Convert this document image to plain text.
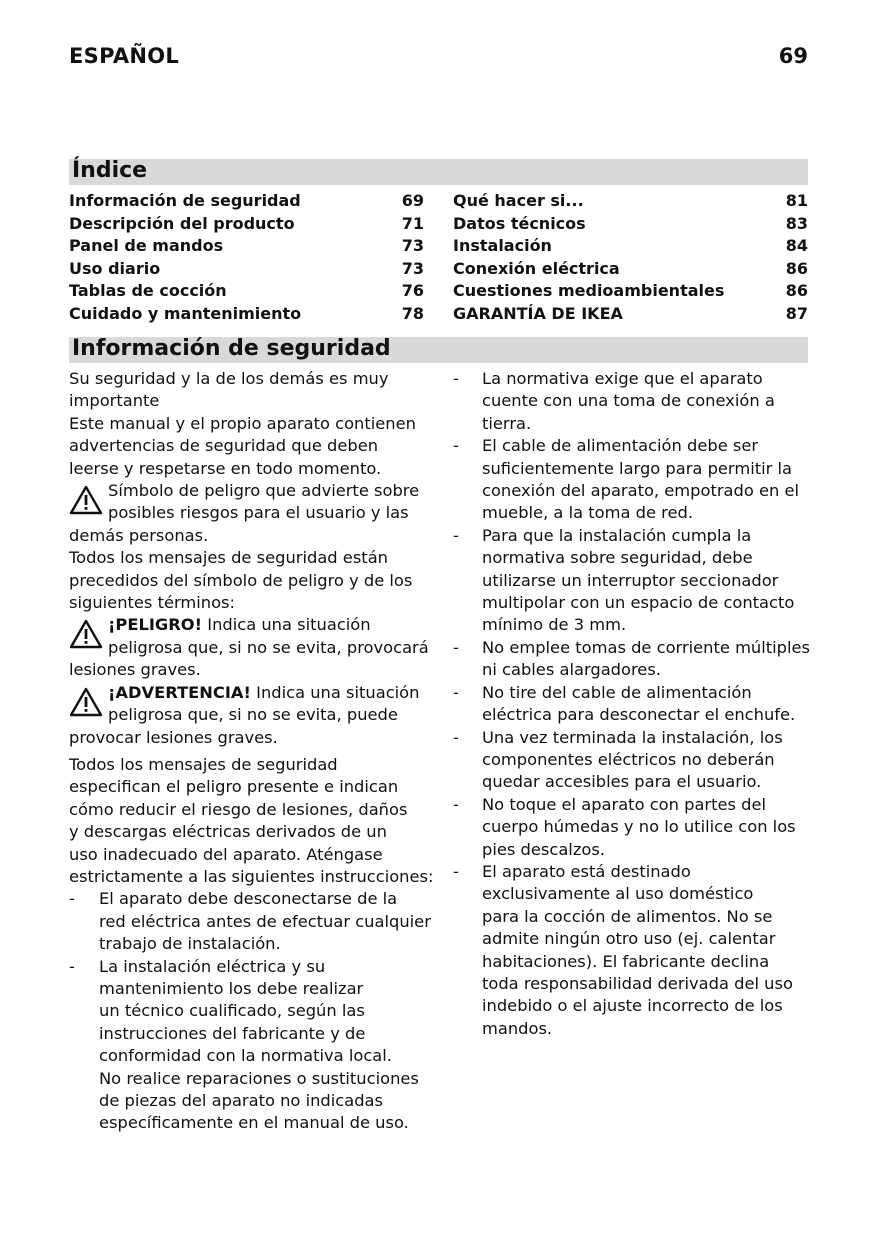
ESPAÑOL	69
Índice
Información de seguridad	69
Descripción del producto	71
Panel de mandos	73
Uso diario	73
Tablas de cocción	76
Cuidado y mantenimiento	78
Qué hacer si...	81
Datos técnicos	83
Instalación	84
Conexión eléctrica	86
Cuestiones medioambientales	86
GARANTÍA DE IKEA	87
Información de seguridad

Su seguridad y la de los demás es muy

importante

Este manual y el propio aparato contienen

advertencias de seguridad que deben

leerse y respetarse en todo momento.

Símbolo de peligro que advierte sobre

posibles riesgos para el usuario y las

demás personas.

Todos los mensajes de seguridad están

precedidos del símbolo de peligro y de los

siguientes términos:

¡PELIGRO! Indica una situación

peligrosa que, si no se evita, provocará

lesiones graves.

¡ADVERTENCIA! Indica una situación

peligrosa que, si no se evita, puede

provocar lesiones graves.

Todos los mensajes de seguridad

especifican el peligro presente e indican

cómo reducir el riesgo de lesiones, daños

y descargas eléctricas derivados de un

uso inadecuado del aparato. Aténgase

estrictamente a las siguientes instrucciones:

- El aparato debe desconectarse de la

red eléctrica antes de efectuar cualquier

trabajo de instalación.

- La instalación eléctrica y su

mantenimiento los debe realizar

un técnico cualificado, según las

instrucciones del fabricante y de

conformidad con la normativa local.

No realice reparaciones o sustituciones

de piezas del aparato no indicadas

específicamente en el manual de uso.

- La normativa exige que el aparato

cuente con una toma de conexión a

tierra.

- El cable de alimentación debe ser

suficientemente largo para permitir la

conexión del aparato, empotrado en el

mueble, a la toma de red.

- Para que la instalación cumpla la

normativa sobre seguridad, debe

utilizarse un interruptor seccionador

multipolar con un espacio de contacto

mínimo de 3 mm.

- No emplee tomas de corriente múltiples

ni cables alargadores.

- No tire del cable de alimentación

eléctrica para desconectar el enchufe.

- Una vez terminada la instalación, los

componentes eléctricos no deberán

quedar accesibles para el usuario.

- No toque el aparato con partes del

cuerpo húmedas y no lo utilice con los

pies descalzos.

- El aparato está destinado

exclusivamente al uso doméstico

para la cocción de alimentos. No se

admite ningún otro uso (ej. calentar

habitaciones). El fabricante declina

toda responsabilidad derivada del uso

indebido o el ajuste incorrecto de los

mandos.
